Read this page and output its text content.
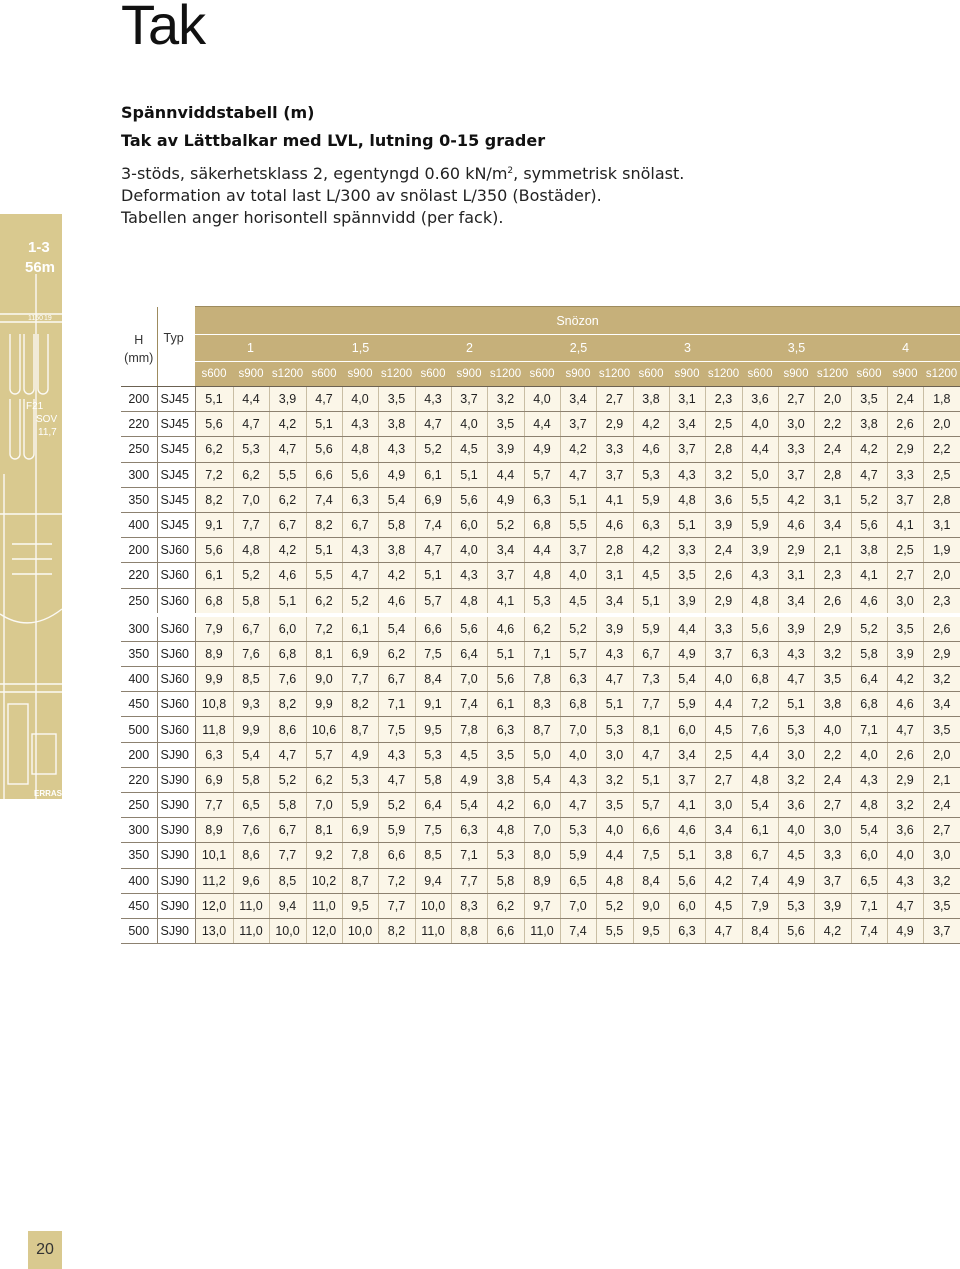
Tak

Spännviddstabell (m)

Tak av Lättbalkar med LVL, lutning 0-15 grader

3-stöds, säkerhetsklass 2, egentyngd 0.60 $kN/m^2$, symmetrisk snölast.

Deformation av total last L/300 av snölast L/350 (Bostäder).

Tabellen anger horisontell spännvidd (per fack).

1-3
56m
1150 19
F21
SOV
11,7
ERRASS
20
H
(mm)	Typ	Snözon																				
		1			1,5			2			2,5			3			3,5			4		
		s600	s900	s1200	s600	s900	s1200	s600	s900	s1200	s600	s900	s1200	s600	s900	s1200	s600	s900	s1200	s600	s900	s1200
200	SJ45	5,1	4,4	3,9	4,7	4,0	3,5	4,3	3,7	3,2	4,0	3,4	2,7	3,8	3,1	2,3	3,6	2,7	2,0	3,5	2,4	1,8
220	SJ45	5,6	4,7	4,2	5,1	4,3	3,8	4,7	4,0	3,5	4,4	3,7	2,9	4,2	3,4	2,5	4,0	3,0	2,2	3,8	2,6	2,0
250	SJ45	6,2	5,3	4,7	5,6	4,8	4,3	5,2	4,5	3,9	4,9	4,2	3,3	4,6	3,7	2,8	4,4	3,3	2,4	4,2	2,9	2,2
300	SJ45	7,2	6,2	5,5	6,6	5,6	4,9	6,1	5,1	4,4	5,7	4,7	3,7	5,3	4,3	3,2	5,0	3,7	2,8	4,7	3,3	2,5
350	SJ45	8,2	7,0	6,2	7,4	6,3	5,4	6,9	5,6	4,9	6,3	5,1	4,1	5,9	4,8	3,6	5,5	4,2	3,1	5,2	3,7	2,8
400	SJ45	9,1	7,7	6,7	8,2	6,7	5,8	7,4	6,0	5,2	6,8	5,5	4,6	6,3	5,1	3,9	5,9	4,6	3,4	5,6	4,1	3,1
200	SJ60	5,6	4,8	4,2	5,1	4,3	3,8	4,7	4,0	3,4	4,4	3,7	2,8	4,2	3,3	2,4	3,9	2,9	2,1	3,8	2,5	1,9
220	SJ60	6,1	5,2	4,6	5,5	4,7	4,2	5,1	4,3	3,7	4,8	4,0	3,1	4,5	3,5	2,6	4,3	3,1	2,3	4,1	2,7	2,0
250	SJ60	6,8	5,8	5,1	6,2	5,2	4,6	5,7	4,8	4,1	5,3	4,5	3,4	5,1	3,9	2,9	4,8	3,4	2,6	4,6	3,0	2,3
300	SJ60	7,9	6,7	6,0	7,2	6,1	5,4	6,6	5,6	4,6	6,2	5,2	3,9	5,9	4,4	3,3	5,6	3,9	2,9	5,2	3,5	2,6
350	SJ60	8,9	7,6	6,8	8,1	6,9	6,2	7,5	6,4	5,1	7,1	5,7	4,3	6,7	4,9	3,7	6,3	4,3	3,2	5,8	3,9	2,9
400	SJ60	9,9	8,5	7,6	9,0	7,7	6,7	8,4	7,0	5,6	7,8	6,3	4,7	7,3	5,4	4,0	6,8	4,7	3,5	6,4	4,2	3,2
450	SJ60	10,8	9,3	8,2	9,9	8,2	7,1	9,1	7,4	6,1	8,3	6,8	5,1	7,7	5,9	4,4	7,2	5,1	3,8	6,8	4,6	3,4
500	SJ60	11,8	9,9	8,6	10,6	8,7	7,5	9,5	7,8	6,3	8,7	7,0	5,3	8,1	6,0	4,5	7,6	5,3	4,0	7,1	4,7	3,5
200	SJ90	6,3	5,4	4,7	5,7	4,9	4,3	5,3	4,5	3,5	5,0	4,0	3,0	4,7	3,4	2,5	4,4	3,0	2,2	4,0	2,6	2,0
220	SJ90	6,9	5,8	5,2	6,2	5,3	4,7	5,8	4,9	3,8	5,4	4,3	3,2	5,1	3,7	2,7	4,8	3,2	2,4	4,3	2,9	2,1
250	SJ90	7,7	6,5	5,8	7,0	5,9	5,2	6,4	5,4	4,2	6,0	4,7	3,5	5,7	4,1	3,0	5,4	3,6	2,7	4,8	3,2	2,4
300	SJ90	8,9	7,6	6,7	8,1	6,9	5,9	7,5	6,3	4,8	7,0	5,3	4,0	6,6	4,6	3,4	6,1	4,0	3,0	5,4	3,6	2,7
350	SJ90	10,1	8,6	7,7	9,2	7,8	6,6	8,5	7,1	5,3	8,0	5,9	4,4	7,5	5,1	3,8	6,7	4,5	3,3	6,0	4,0	3,0
400	SJ90	11,2	9,6	8,5	10,2	8,7	7,2	9,4	7,7	5,8	8,9	6,5	4,8	8,4	5,6	4,2	7,4	4,9	3,7	6,5	4,3	3,2
450	SJ90	12,0	11,0	9,4	11,0	9,5	7,7	10,0	8,3	6,2	9,7	7,0	5,2	9,0	6,0	4,5	7,9	5,3	3,9	7,1	4,7	3,5
500	SJ90	13,0	11,0	10,0	12,0	10,0	8,2	11,0	8,8	6,6	11,0	7,4	5,5	9,5	6,3	4,7	8,4	5,6	4,2	7,4	4,9	3,7
